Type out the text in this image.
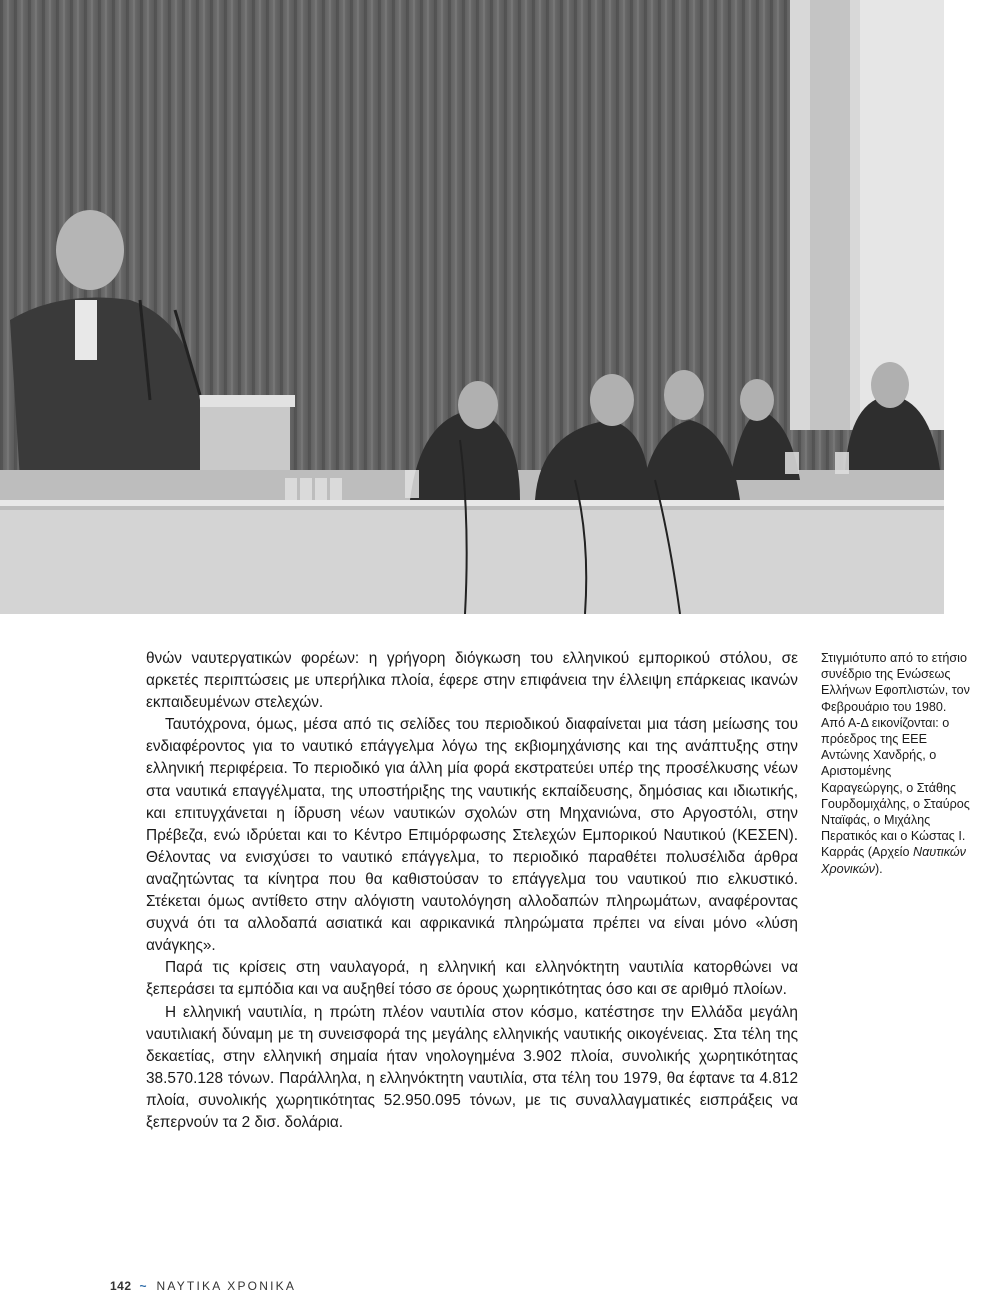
θνών ναυτεργατικών φορέων: η γρήγορη διόγκωση του ελληνικού εμπορικού στόλου, σε αρκετές περιπτώσεις με υπερήλικα πλοία, έφερε στην επιφάνεια την έλλειψη επάρκειας ικανών εκπαιδευμένων στελεχών.

Ταυτόχρονα, όμως, μέσα από τις σελίδες του περιοδικού διαφαίνεται μια τάση μείωσης του ενδιαφέροντος για το ναυτικό επάγγελμα λόγω της εκβιομηχάνισης και της ανάπτυξης στην ελληνική περιφέρεια. Το περιοδικό για άλλη μία φορά εκστρατεύει υπέρ της προσέλκυσης νέων στα ναυτικά επαγγέλματα, της υποστήριξης της ναυτικής εκπαίδευσης, δημόσιας και ιδιωτικής, και επιτυγχάνεται η ίδρυση νέων ναυτικών σχολών στη Μηχανιώνα, στο Αργοστόλι, στην Πρέβεζα, ενώ ιδρύεται και το Κέντρο Επιμόρφωσης Στελεχών Εμπορικού Ναυτικού (ΚΕΣΕΝ). Θέλοντας να ενισχύσει το ναυτικό επάγγελμα, το περιοδικό παραθέτει πολυσέλιδα άρθρα αναζητώντας τα κίνητρα που θα καθιστούσαν το επάγγελμα του ναυτικού πιο ελκυστικό. Στέκεται όμως αντίθετο στην αλόγιστη ναυτολόγηση αλλοδαπών πληρωμάτων, αναφέροντας συχνά ότι τα αλλοδαπά ασιατικά και αφρικανικά πληρώματα πρέπει να είναι μόνο «λύση ανάγκης».

Παρά τις κρίσεις στη ναυλαγορά, η ελληνική και ελληνόκτητη ναυτιλία κατορθώνει να ξεπεράσει τα εμπόδια και να αυξηθεί τόσο σε όρους χωρητικότητας όσο και σε αριθμό πλοίων.

Η ελληνική ναυτιλία, η πρώτη πλέον ναυτιλία στον κόσμο, κατέστησε την Ελλάδα μεγάλη ναυτιλιακή δύναμη με τη συνεισφορά της μεγάλης ελληνικής ναυτικής οικογένειας. Στα τέλη της δεκαετίας, στην ελληνική σημαία ήταν νηολογημένα 3.902 πλοία, συνολικής χωρητικότητας 38.570.128 τόνων. Παράλληλα, η ελληνόκτητη ναυτιλία, στα τέλη του 1979, θα έφτανε τα 4.812 πλοία, συνολικής χωρητικότητας 52.950.095 τόνων, με τις συναλλαγματικές εισπράξεις να ξεπερνούν τα 2 δισ. δολάρια.

Στιγμιότυπο από το ετήσιο συνέδριο της Ενώσεως Ελλήνων Εφοπλιστών, τον Φεβρουάριο του 1980. Από Α-Δ εικονίζονται: ο πρόεδρος της ΕΕΕ Αντώνης Χανδρής, ο Αριστομένης Καραγεώργης, ο Στάθης Γουρδομιχάλης, ο Σταύρος Νταϊφάς, ο Μιχάλης Περατικός και ο Κώστας Ι. Καρράς (Αρχείο Ναυτικών Χρονικών).

142 ~ ΝΑΥΤΙΚΑ ΧΡΟΝΙΚΑ
